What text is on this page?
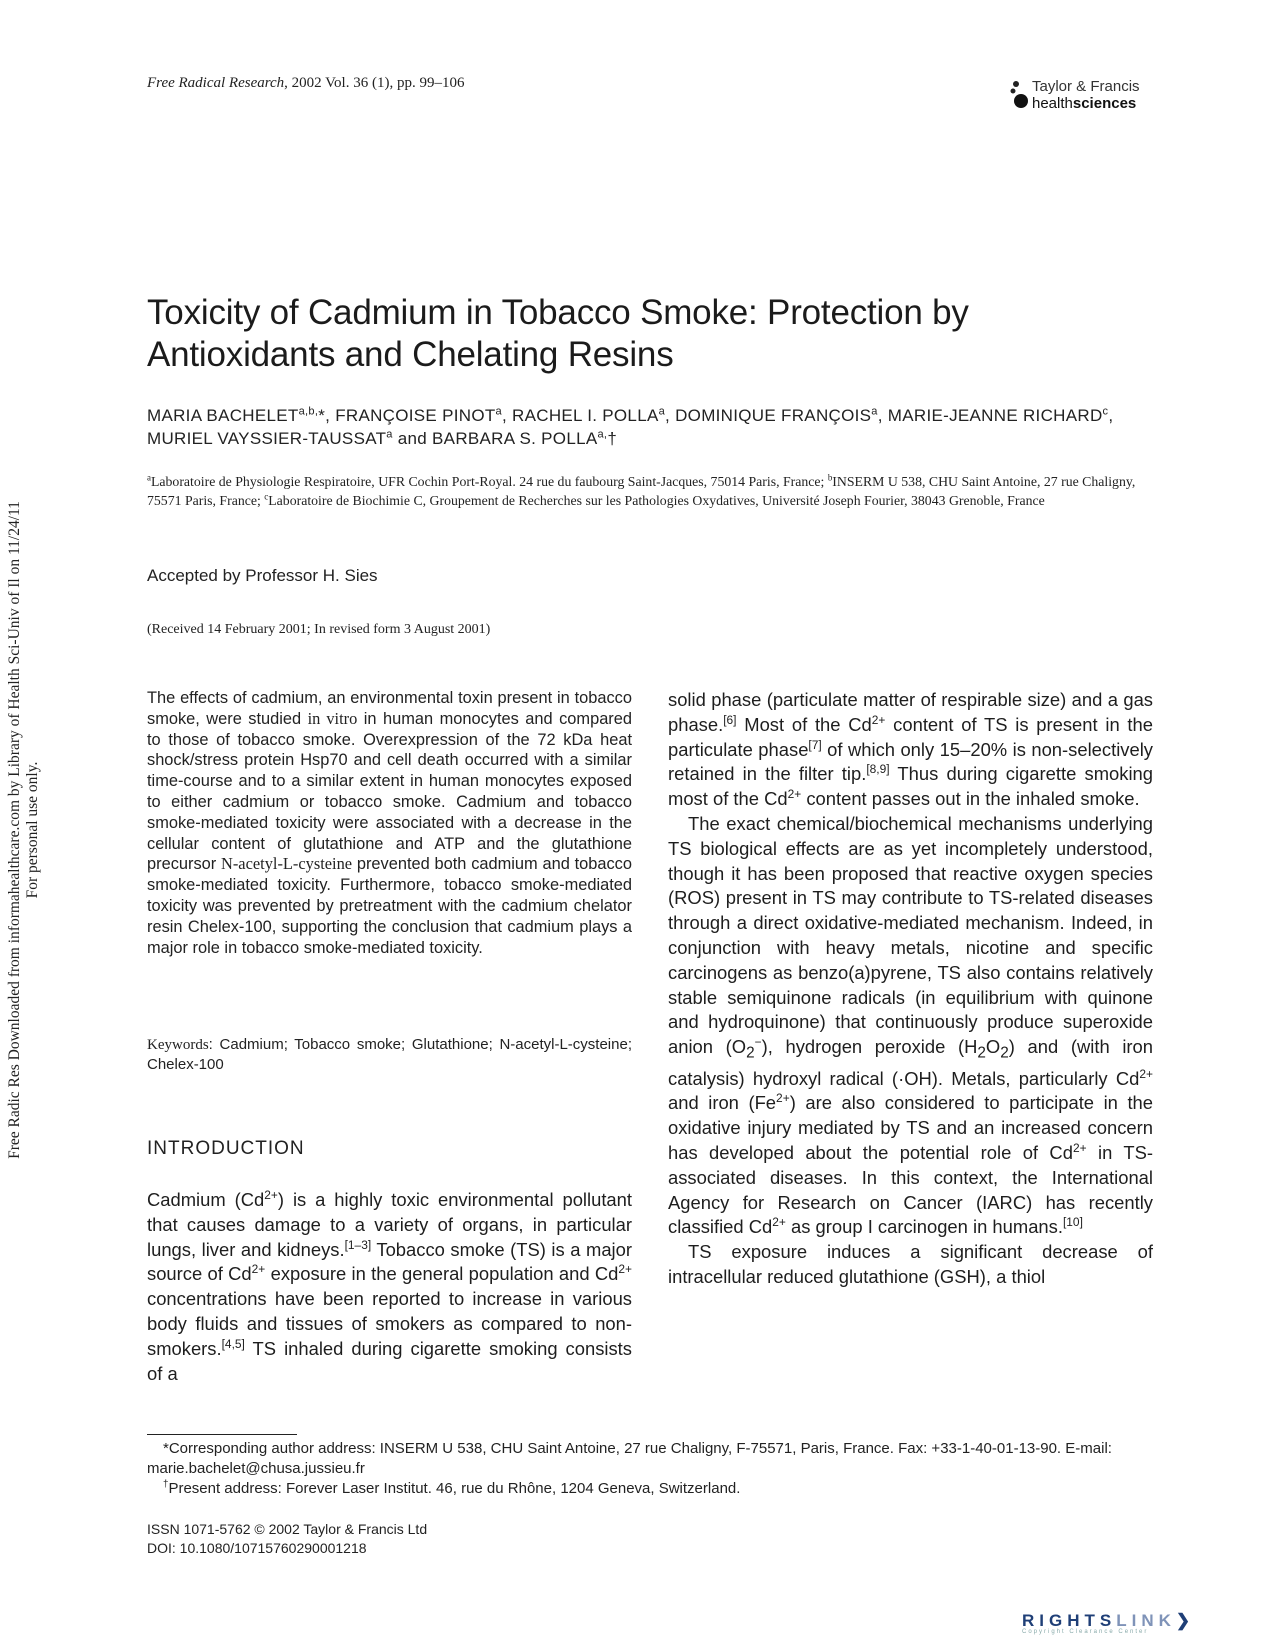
Free Radical Research, 2002 Vol. 36 (1), pp. 99–106	Taylor & Francis
healthsciences
Toxicity of Cadmium in Tobacco Smoke: Protection by
Antioxidants and Chelating Resins
MARIA $BACHELET^{a,b,}*$, FRANÇOISE PINOT$^a$, RACHEL I. POLLA$^a$, DOMINIQUE FRANÇOIS$^a$, MARIE-JEANNE RICHARD$^c$, MURIEL VAYSSIER-TAUSSAT$^a$ and BARBARA S. $POLLA^{a,}\dagger$
$^a$Laboratoire de Physiologie Respiratoire, UFR Cochin Port-Royal. 24 rue du faubourg Saint-Jacques, 75014 Paris, France; $^b$INSERM U 538, CHU Saint Antoine, 27 rue Chaligny, 75571 Paris, France; $^c$Laboratoire de Biochimie C, Groupement de Recherches sur les Pathologies Oxydatives, Université Joseph Fourier, 38043 Grenoble, France
Accepted by Professor H. Sies
(Received 14 February 2001; In revised form 3 August 2001)
The effects of cadmium, an environmental toxin present in tobacco smoke, were studied in vitro in human monocytes and compared to those of tobacco smoke. Overexpression of the 72 kDa heat shock/stress protein Hsp70 and cell death occurred with a similar time-course and to a similar extent in human monocytes exposed to either cadmium or tobacco smoke. Cadmium and tobacco smoke-mediated toxicity were associated with a decrease in the cellular content of glutathione and ATP and the glutathione precursor N-acetyl-L-cysteine prevented both cadmium and tobacco smoke-mediated toxicity. Furthermore, tobacco smoke-mediated toxicity was prevented by pretreatment with the cadmium chelator resin Chelex-100, supporting the conclusion that cadmium plays a major role in tobacco smoke-mediated toxicity.
Keywords: Cadmium; Tobacco smoke; Glutathione; N-acetyl-L-cysteine; Chelex-100
INTRODUCTION

Cadmium $(Cd^{2+})$ is a highly toxic environmental pollutant that causes damage to a variety of organs, in particular lungs, liver and kidneys.[1–3] Tobacco smoke (TS) is a major source of $Cd^{2+}$ exposure in the general population and $Cd^{2+}$ concentrations have been reported to increase in various body fluids and tissues of smokers as compared to non-smokers.[4,5] TS inhaled during cigarette smoking consists of a

solid phase (particulate matter of respirable size) and a gas phase.[6] Most of the $Cd^{2+}$ content of TS is present in the particulate phase[7] of which only 15–20% is non-selectively retained in the filter tip.[8,9] Thus during cigarette smoking most of the $Cd^{2+}$ content passes out in the inhaled smoke.

The exact chemical/biochemical mechanisms underlying TS biological effects are as yet incompletely understood, though it has been proposed that reactive oxygen species (ROS) present in TS may contribute to TS-related diseases through a direct oxidative-mediated mechanism. Indeed, in conjunction with heavy metals, nicotine and specific carcinogens as benzo(a)pyrene, TS also contains relatively stable semiquinone radicals (in equilibrium with quinone and hydroquinone) that continuously produce superoxide anion $(O_2^-)$, hydrogen peroxide $(H_2O_2)$ and (with iron catalysis) hydroxyl radical (·OH). Metals, particularly $Cd^{2+}$ and iron $(Fe^{2+})$ are also considered to participate in the oxidative injury mediated by TS and an increased concern has developed about the potential role of $Cd^{2+}$ in TS-associated diseases. In this context, the International Agency for Research on Cancer (IARC) has recently classified $Cd^{2+}$ as group I carcinogen in humans.[10]

TS exposure induces a significant decrease of intracellular reduced glutathione (GSH), a thiol

*Corresponding author address: INSERM U 538, CHU Saint Antoine, 27 rue Chaligny, F-75571, Paris, France. Fax: +33-1-40-01-13-90. E-mail: marie.bachelet@chusa.jussieu.fr

†Present address: Forever Laser Institut. 46, rue du Rhône, 1204 Geneva, Switzerland.

ISSN 1071-5762 © 2002 Taylor & Francis Ltd
DOI: 10.1080/10715760290001218
RIGHTSLINK❯
Copyright Clearance Center
Free Radic Res Downloaded from informahealthcare.com by Library of Health Sci-Univ of Il on 11/24/11 For personal use only.
